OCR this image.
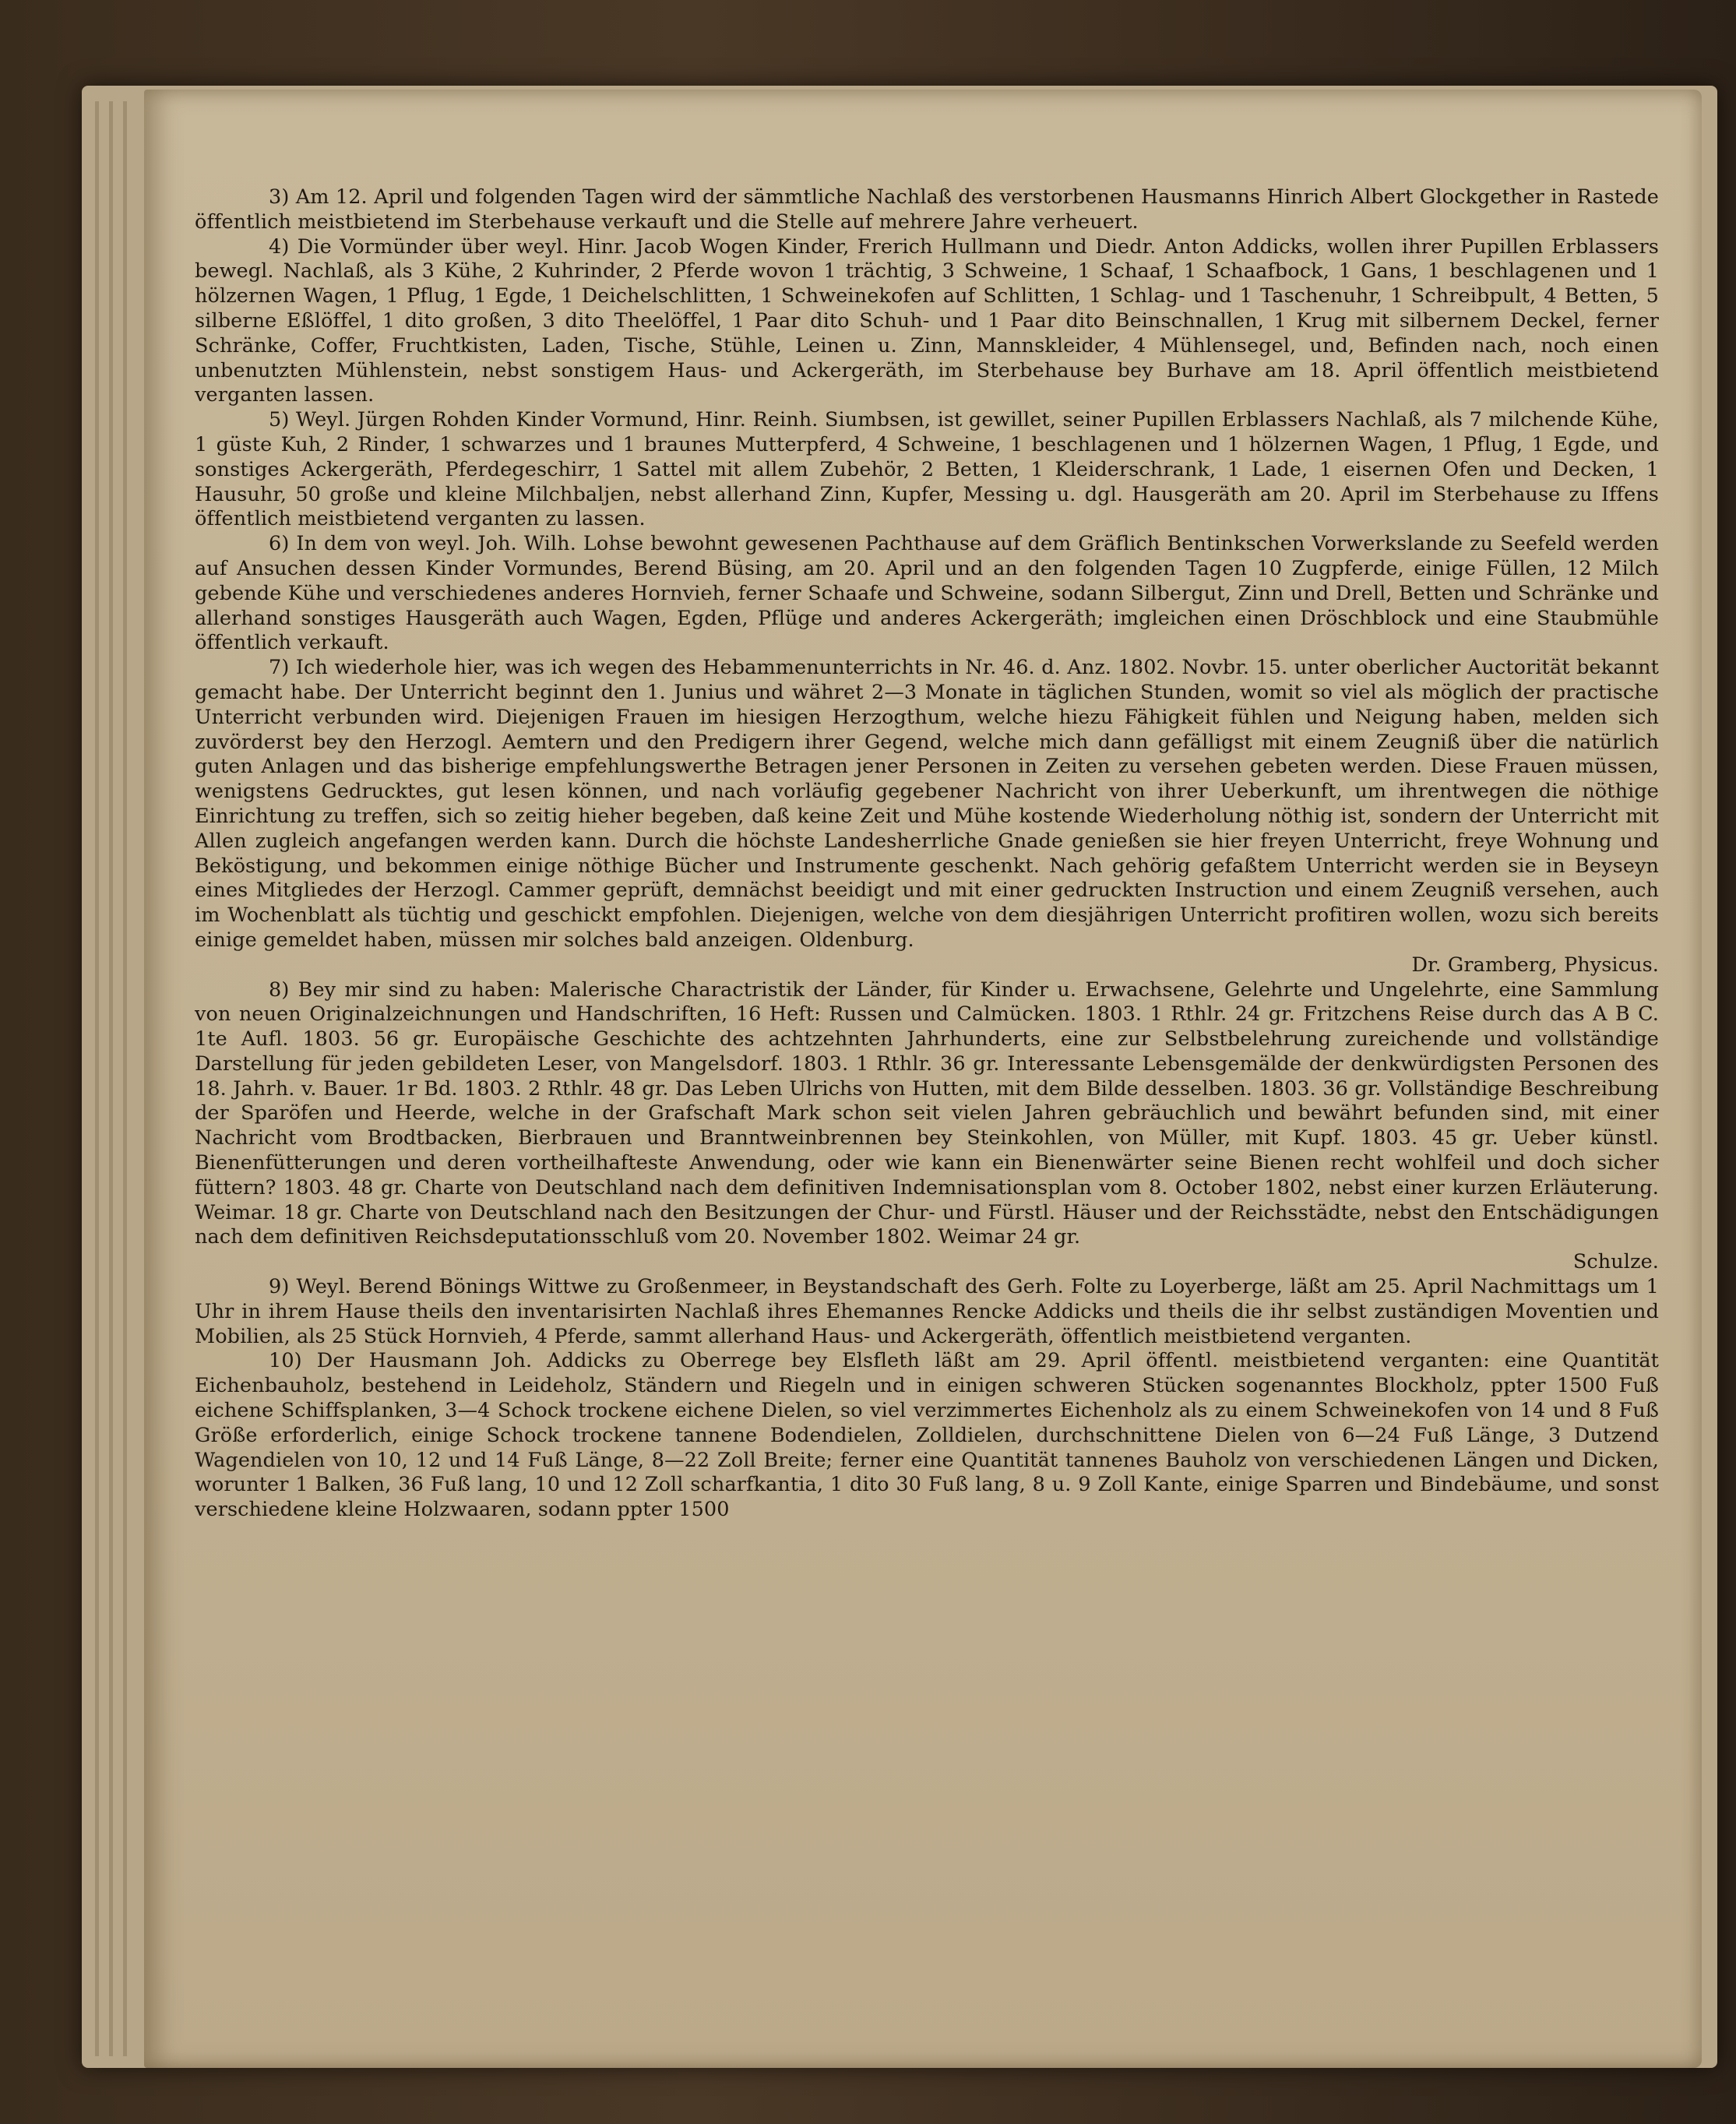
3) Am 12. April und folgenden Tagen wird der sämmtliche Nachlaß des verstorbenen Hausmanns Hinrich Albert Glockgether in Rastede öffentlich meistbietend im Sterbehause verkauft und die Stelle auf mehrere Jahre verheuert.

4) Die Vormünder über weyl. Hinr. Jacob Wogen Kinder, Frerich Hullmann und Diedr. Anton Addicks, wollen ihrer Pupillen Erblassers bewegl. Nachlaß, als 3 Kühe, 2 Kuhrinder, 2 Pferde wovon 1 trächtig, 3 Schweine, 1 Schaaf, 1 Schaafbock, 1 Gans, 1 beschlagenen und 1 hölzernen Wagen, 1 Pflug, 1 Egde, 1 Deichelschlitten, 1 Schweinekofen auf Schlitten, 1 Schlag- und 1 Taschenuhr, 1 Schreibpult, 4 Betten, 5 silberne Eßlöffel, 1 dito großen, 3 dito Theelöffel, 1 Paar dito Schuh- und 1 Paar dito Beinschnallen, 1 Krug mit silbernem Deckel, ferner Schränke, Coffer, Fruchtkisten, Laden, Tische, Stühle, Leinen u. Zinn, Mannskleider, 4 Mühlensegel, und, Befinden nach, noch einen unbenutzten Mühlenstein, nebst sonstigem Haus- und Ackergeräth, im Sterbehause bey Burhave am 18. April öffentlich meistbietend verganten lassen.

5) Weyl. Jürgen Rohden Kinder Vormund, Hinr. Reinh. Siumbsen, ist gewillet, seiner Pupillen Erblassers Nachlaß, als 7 milchende Kühe, 1 güste Kuh, 2 Rinder, 1 schwarzes und 1 braunes Mutterpferd, 4 Schweine, 1 beschlagenen und 1 hölzernen Wagen, 1 Pflug, 1 Egde, und sonstiges Ackergeräth, Pferdegeschirr, 1 Sattel mit allem Zubehör, 2 Betten, 1 Kleiderschrank, 1 Lade, 1 eisernen Ofen und Decken, 1 Hausuhr, 50 große und kleine Milchbaljen, nebst allerhand Zinn, Kupfer, Messing u. dgl. Hausgeräth am 20. April im Sterbehause zu Iffens öffentlich meistbietend verganten zu lassen.

6) In dem von weyl. Joh. Wilh. Lohse bewohnt gewesenen Pachthause auf dem Gräflich Bentinkschen Vorwerkslande zu Seefeld werden auf Ansuchen dessen Kinder Vormundes, Berend Büsing, am 20. April und an den folgenden Tagen 10 Zugpferde, einige Füllen, 12 Milch gebende Kühe und verschiedenes anderes Hornvieh, ferner Schaafe und Schweine, sodann Silbergut, Zinn und Drell, Betten und Schränke und allerhand sonstiges Hausgeräth auch Wagen, Egden, Pflüge und anderes Ackergeräth; imgleichen einen Dröschblock und eine Staubmühle öffentlich verkauft.

7) Ich wiederhole hier, was ich wegen des Hebammenunterrichts in Nr. 46. d. Anz. 1802. Novbr. 15. unter oberlicher Auctorität bekannt gemacht habe. Der Unterricht beginnt den 1. Junius und währet 2—3 Monate in täglichen Stunden, womit so viel als möglich der practische Unterricht verbunden wird. Diejenigen Frauen im hiesigen Herzogthum, welche hiezu Fähigkeit fühlen und Neigung haben, melden sich zuvörderst bey den Herzogl. Aemtern und den Predigern ihrer Gegend, welche mich dann gefälligst mit einem Zeugniß über die natürlich guten Anlagen und das bisherige empfehlungswerthe Betragen jener Personen in Zeiten zu versehen gebeten werden. Diese Frauen müssen, wenigstens Gedrucktes, gut lesen können, und nach vorläufig gegebener Nachricht von ihrer Ueberkunft, um ihrentwegen die nöthige Einrichtung zu treffen, sich so zeitig hieher begeben, daß keine Zeit und Mühe kostende Wiederholung nöthig ist, sondern der Unterricht mit Allen zugleich angefangen werden kann. Durch die höchste Landesherrliche Gnade genießen sie hier freyen Unterricht, freye Wohnung und Beköstigung, und bekommen einige nöthige Bücher und Instrumente geschenkt. Nach gehörig gefaßtem Unterricht werden sie in Beyseyn eines Mitgliedes der Herzogl. Cammer geprüft, demnächst beeidigt und mit einer gedruckten Instruction und einem Zeugniß versehen, auch im Wochenblatt als tüchtig und geschickt empfohlen. Diejenigen, welche von dem diesjährigen Unterricht profitiren wollen, wozu sich bereits einige gemeldet haben, müssen mir solches bald anzeigen. Oldenburg.

Dr. Gramberg, Physicus.

8) Bey mir sind zu haben: Malerische Charactristik der Länder, für Kinder u. Erwachsene, Gelehrte und Ungelehrte, eine Sammlung von neuen Originalzeichnungen und Handschriften, 16 Heft: Russen und Calmücken. 1803. 1 Rthlr. 24 gr. Fritzchens Reise durch das A B C. 1te Aufl. 1803. 56 gr. Europäische Geschichte des achtzehnten Jahrhunderts, eine zur Selbstbelehrung zureichende und vollständige Darstellung für jeden gebildeten Leser, von Mangelsdorf. 1803. 1 Rthlr. 36 gr. Interessante Lebensgemälde der denkwürdigsten Personen des 18. Jahrh. v. Bauer. 1r Bd. 1803. 2 Rthlr. 48 gr. Das Leben Ulrichs von Hutten, mit dem Bilde desselben. 1803. 36 gr. Vollständige Beschreibung der Sparöfen und Heerde, welche in der Grafschaft Mark schon seit vielen Jahren gebräuchlich und bewährt befunden sind, mit einer Nachricht vom Brodtbacken, Bierbrauen und Branntweinbrennen bey Steinkohlen, von Müller, mit Kupf. 1803. 45 gr. Ueber künstl. Bienenfütterungen und deren vortheilhafteste Anwendung, oder wie kann ein Bienenwärter seine Bienen recht wohlfeil und doch sicher füttern? 1803. 48 gr. Charte von Deutschland nach dem definitiven Indemnisationsplan vom 8. October 1802, nebst einer kurzen Erläuterung. Weimar. 18 gr. Charte von Deutschland nach den Besitzungen der Chur- und Fürstl. Häuser und der Reichsstädte, nebst den Entschädigungen nach dem definitiven Reichsdeputationsschluß vom 20. November 1802. Weimar 24 gr.

Schulze.

9) Weyl. Berend Bönings Wittwe zu Großenmeer, in Beystandschaft des Gerh. Folte zu Loyerberge, läßt am 25. April Nachmittags um 1 Uhr in ihrem Hause theils den inventarisirten Nachlaß ihres Ehemannes Rencke Addicks und theils die ihr selbst zuständigen Moventien und Mobilien, als 25 Stück Hornvieh, 4 Pferde, sammt allerhand Haus- und Ackergeräth, öffentlich meistbietend verganten.

10) Der Hausmann Joh. Addicks zu Oberrege bey Elsfleth läßt am 29. April öffentl. meistbietend verganten: eine Quantität Eichenbauholz, bestehend in Leideholz, Ständern und Riegeln und in einigen schweren Stücken sogenanntes Blockholz, ppter 1500 Fuß eichene Schiffsplanken, 3—4 Schock trockene eichene Dielen, so viel verzimmertes Eichenholz als zu einem Schweinekofen von 14 und 8 Fuß Größe erforderlich, einige Schock trockene tannene Bodendielen, Zolldielen, durchschnittene Dielen von 6—24 Fuß Länge, 3 Dutzend Wagendielen von 10, 12 und 14 Fuß Länge, 8—22 Zoll Breite; ferner eine Quantität tannenes Bauholz von verschiedenen Längen und Dicken, worunter 1 Balken, 36 Fuß lang, 10 und 12 Zoll scharfkantia, 1 dito 30 Fuß lang, 8 u. 9 Zoll Kante, einige Sparren und Bindebäume, und sonst verschiedene kleine Holzwaaren, sodann ppter 1500
